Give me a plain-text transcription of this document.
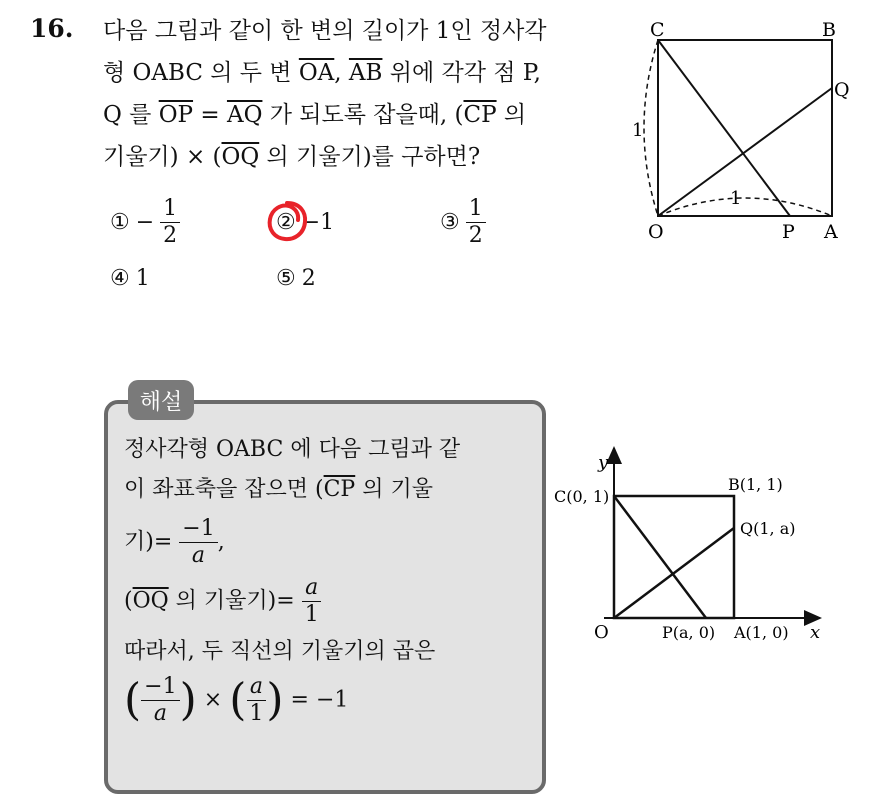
16. 다음 그림과 같이 한 변의 길이가 1인 정사각
형 OABC 의 두 변 $\overline{OA}$, $\overline{AB}$ 위에 각각 점 P,
Q 를 $\overline{OP} = \overline{AQ}$ 가 되도록 잡을때, ($\overline{CP}$ 의
기울기) × ($\overline{OQ}$ 의 기울기)를 구하면?
① − $\frac{1}{2}$	② −1	③ $\frac{1}{2}$
④ 1	⑤ 2
C	B
Q
O	P A
1
1
해설
정사각형 OABC 에 다음 그림과 같
이 좌표축을 잡으면 ($\overline{CP}$ 의 기울
기)= $\frac{-1}{a}$ ,
($\overline{OQ}$ 의 기울기)= $\frac{a}{1}$
따라서, 두 직선의 기울기의 곱은
( $\frac{-1}{a}$ ) × ( $\frac{a}{1}$ ) = −1
y
x
O
C(0, 1)
B(1, 1)
Q(1, a)
P(a, 0) A(1, 0)
